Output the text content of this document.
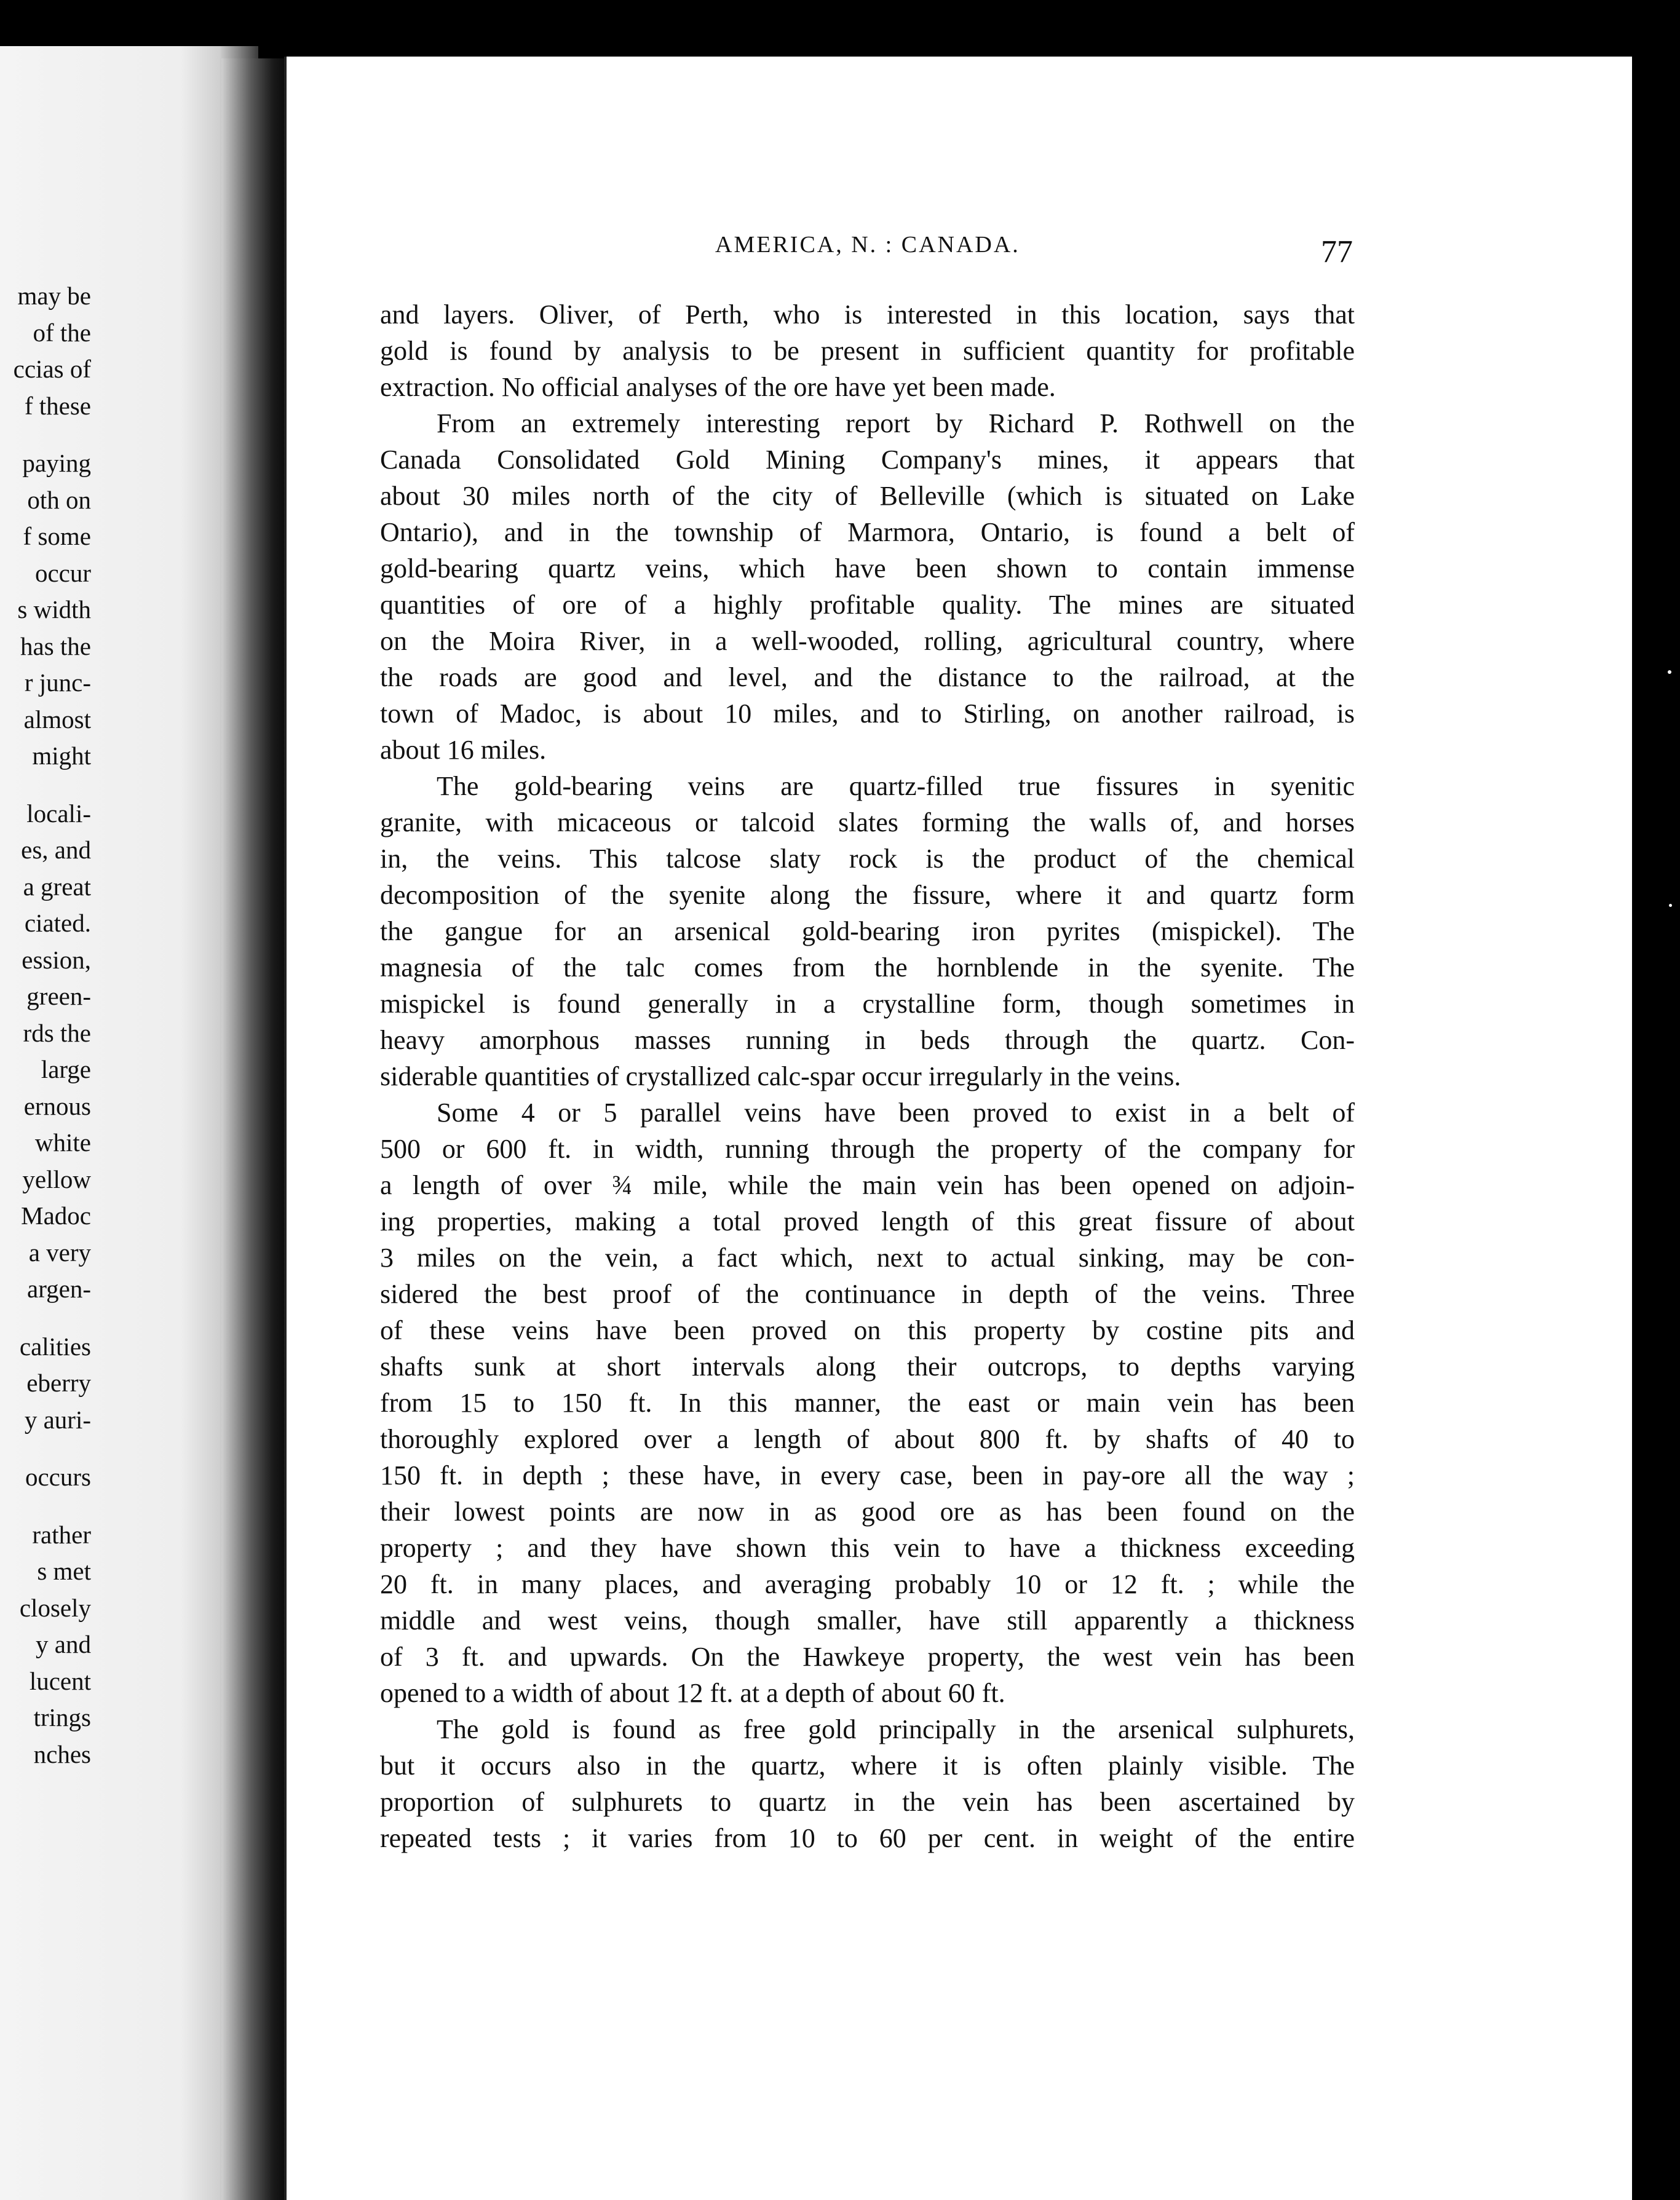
may be
of the
ccias of
f these
paying
oth on
f some
occur
s width
has the
r junc-
almost
might
locali-
es, and
a great
ciated.
ession,
green-
rds the
large
ernous
white
yellow
Madoc
a very
argen-
calities
eberry
y auri-
occurs
rather
s met
closely
y and
lucent
trings
nches
AMERICA, N. : CANADA.	77
and layers. Oliver, of Perth, who is interested in this location, says that
gold is found by analysis to be present in sufficient quantity for profitable
extraction. No official analyses of the ore have yet been made.
From an extremely interesting report by Richard P. Rothwell on the
Canada Consolidated Gold Mining Company's mines, it appears that
about 30 miles north of the city of Belleville (which is situated on Lake
Ontario), and in the township of Marmora, Ontario, is found a belt of
gold-bearing quartz veins, which have been shown to contain immense
quantities of ore of a highly profitable quality. The mines are situated
on the Moira River, in a well-wooded, rolling, agricultural country, where
the roads are good and level, and the distance to the railroad, at the
town of Madoc, is about 10 miles, and to Stirling, on another railroad, is
about 16 miles.
The gold-bearing veins are quartz-filled true fissures in syenitic
granite, with micaceous or talcoid slates forming the walls of, and horses
in, the veins. This talcose slaty rock is the product of the chemical
decomposition of the syenite along the fissure, where it and quartz form
the gangue for an arsenical gold-bearing iron pyrites (mispickel). The
magnesia of the talc comes from the hornblende in the syenite. The
mispickel is found generally in a crystalline form, though sometimes in
heavy amorphous masses running in beds through the quartz. Con-
siderable quantities of crystallized calc-spar occur irregularly in the veins.
Some 4 or 5 parallel veins have been proved to exist in a belt of
500 or 600 ft. in width, running through the property of the company for
a length of over ¾ mile, while the main vein has been opened on adjoin-
ing properties, making a total proved length of this great fissure of about
3 miles on the vein, a fact which, next to actual sinking, may be con-
sidered the best proof of the continuance in depth of the veins. Three
of these veins have been proved on this property by costine pits and
shafts sunk at short intervals along their outcrops, to depths varying
from 15 to 150 ft. In this manner, the east or main vein has been
thoroughly explored over a length of about 800 ft. by shafts of 40 to
150 ft. in depth ; these have, in every case, been in pay-ore all the way ;
their lowest points are now in as good ore as has been found on the
property ; and they have shown this vein to have a thickness exceeding
20 ft. in many places, and averaging probably 10 or 12 ft. ; while the
middle and west veins, though smaller, have still apparently a thickness
of 3 ft. and upwards. On the Hawkeye property, the west vein has been
opened to a width of about 12 ft. at a depth of about 60 ft.
The gold is found as free gold principally in the arsenical sulphurets,
but it occurs also in the quartz, where it is often plainly visible. The
proportion of sulphurets to quartz in the vein has been ascertained by
repeated tests ; it varies from 10 to 60 per cent. in weight of the entire
